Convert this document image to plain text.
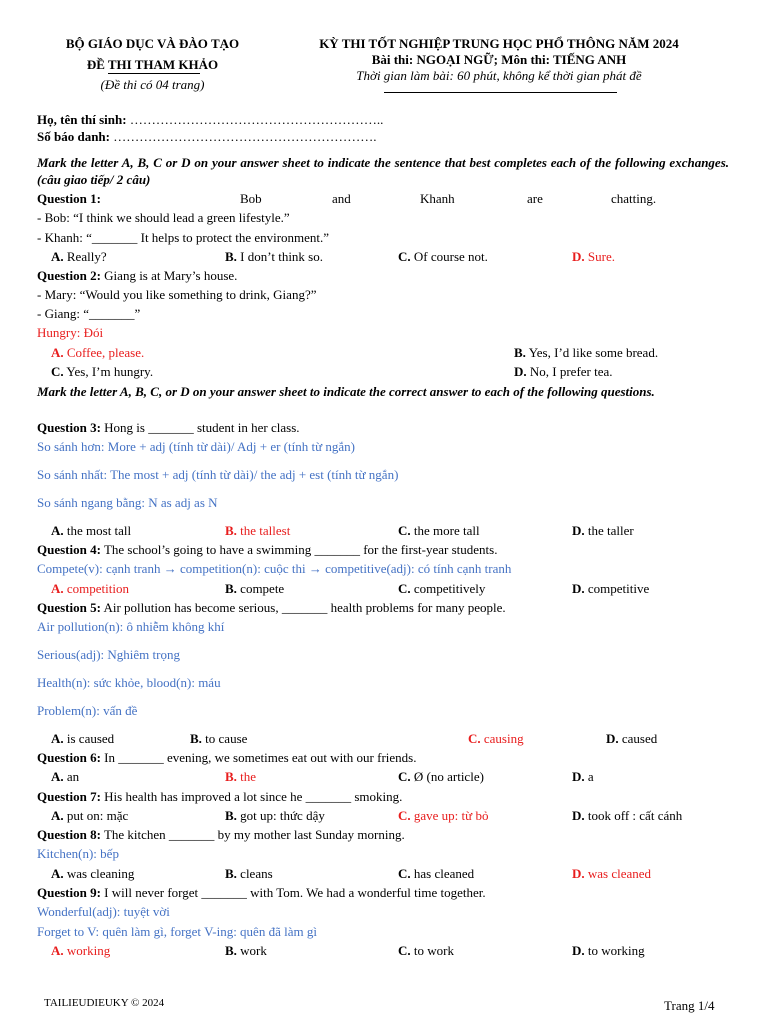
BỘ GIÁO DỤC VÀ ĐÀO TẠO
ĐỀ THI THAM KHẢO
(Đề thi có 04 trang)
KỲ THI TỐT NGHIỆP TRUNG HỌC PHỔ THÔNG NĂM 2024
Bài thi: NGOẠI NGỮ; Môn thi: TIẾNG ANH
Thời gian làm bài: 60 phút, không kể thời gian phát đề
Họ, tên thí sinh: …………………………………………………..
Số báo danh: …………………………………………………….
Mark the letter A, B, C or D on your answer sheet to indicate the sentence that best completes each of the following exchanges. (câu giao tiếp/ 2 câu)
Question 1:	Bob	and	Khanh	are	chatting.
- Bob: “I think we should lead a green lifestyle.”
- Khanh: “_______ It helps to protect the environment.”
A. Really?	B. I don’t think so.	C. Of course not.	D. Sure.
Question 2: Giang is at Mary’s house.
- Mary: “Would you like something to drink, Giang?”
- Giang: “_______”
Hungry: Đói
A. Coffee, please.	B. Yes, I’d like some bread.
C. Yes, I’m hungry.	D. No, I prefer tea.
Mark the letter A, B, C, or D on your answer sheet to indicate the correct answer to each of the following questions.
Question 3: Hong is _______ student in her class.
So sánh hơn: More + adj (tính từ dài)/ Adj + er (tính từ ngắn)
So sánh nhất: The most + adj (tính từ dài)/ the adj + est (tính từ ngắn)
So sánh ngang bằng: N as adj as N
A. the most tall	B. the tallest	C. the more tall	D. the taller
Question 4: The school’s going to have a swimming _______ for the first-year students.
Compete(v): cạnh tranh → competition(n): cuộc thi → competitive(adj): có tính cạnh tranh
A. competition	B. compete	C. competitively	D. competitive
Question 5: Air pollution has become serious, _______ health problems for many people.
Air pollution(n): ô nhiễm không khí
Serious(adj): Nghiêm trọng
Health(n): sức khỏe, blood(n): máu
Problem(n): vấn đề
A. is caused	B. to cause	C. causing	D. caused
Question 6: In _______ evening, we sometimes eat out with our friends.
A. an	B. the	C. Ø (no article)	D. a
Question 7: His health has improved a lot since he _______ smoking.
A. put on: mặc	B. got up: thức dậy	C. gave up: từ bỏ	D. took off : cất cánh
Question 8: The kitchen _______ by my mother last Sunday morning.
Kitchen(n): bếp
A. was cleaning	B. cleans	C. has cleaned	D. was cleaned
Question 9: I will never forget _______ with Tom. We had a wonderful time together.
Wonderful(adj): tuyệt vời
Forget to V: quên làm gì, forget V-ing: quên đã làm gì
A. working	B. work	C. to work	D. to working
TAILIEUDIEUKY © 2024	Trang 1/4
